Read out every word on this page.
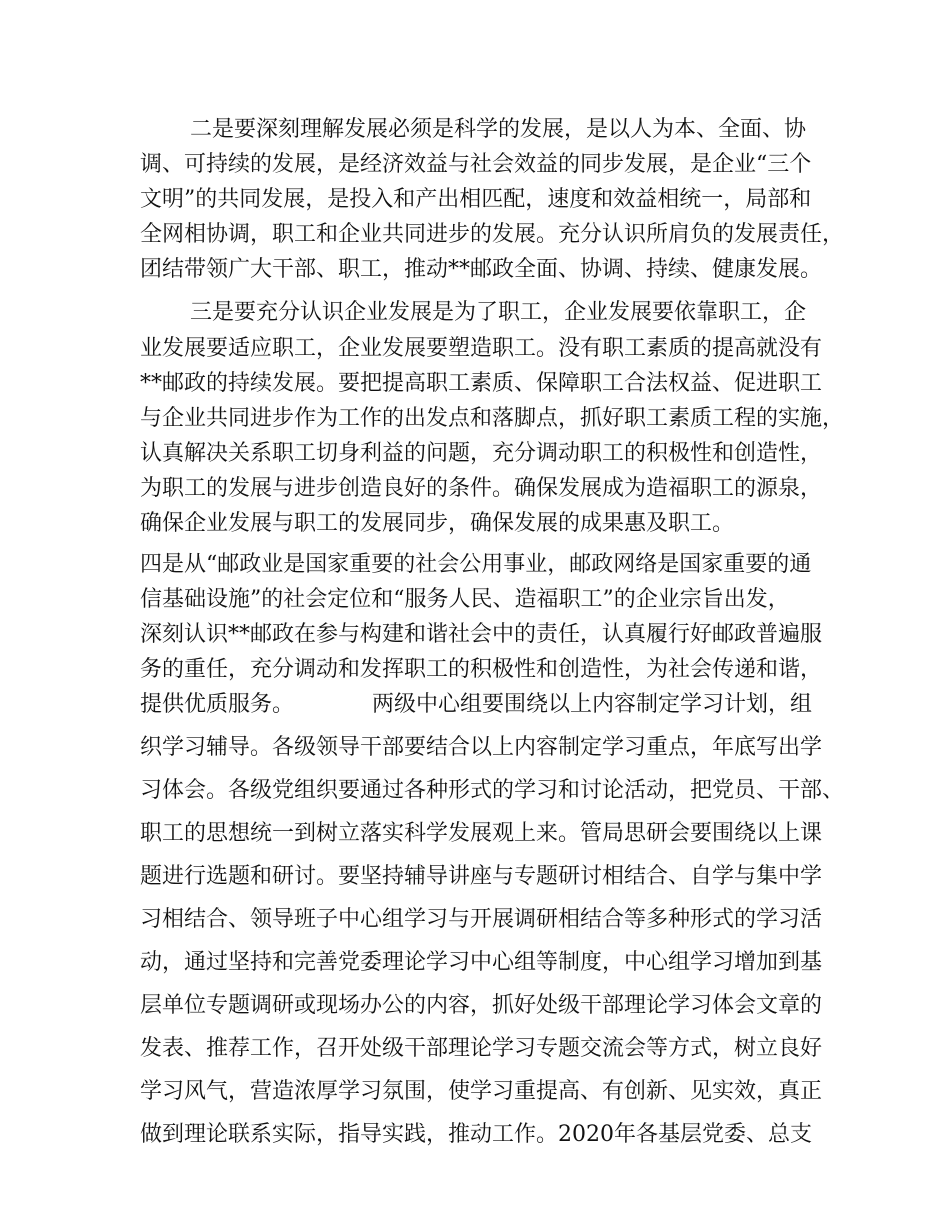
二是要深刻理解发展必须是科学的发展，是以人为本、全面、协
调、可持续的发展，是经济效益与社会效益的同步发展，是企业“三个
文明”的共同发展，是投入和产出相匹配，速度和效益相统一，局部和
全网相协调，职工和企业共同进步的发展。充分认识所肩负的发展责任，
团结带领广大干部、职工，推动**邮政全面、协调、持续、健康发展。
三是要充分认识企业发展是为了职工，企业发展要依靠职工，企
业发展要适应职工，企业发展要塑造职工。没有职工素质的提高就没有
**邮政的持续发展。要把提高职工素质、保障职工合法权益、促进职工
与企业共同进步作为工作的出发点和落脚点，抓好职工素质工程的实施，
认真解决关系职工切身利益的问题，充分调动职工的积极性和创造性，
为职工的发展与进步创造良好的条件。确保发展成为造福职工的源泉，
确保企业发展与职工的发展同步，确保发展的成果惠及职工。
四是从“邮政业是国家重要的社会公用事业，邮政网络是国家重要的通
信基础设施”的社会定位和“服务人民、造福职工”的企业宗旨出发，
深刻认识**邮政在参与构建和谐社会中的责任，认真履行好邮政普遍服
务的重任，充分调动和发挥职工的积极性和创造性，为社会传递和谐，
提供优质服务。	两级中心组要围绕以上内容制定学习计划，组
织学习辅导。各级领导干部要结合以上内容制定学习重点，年底写出学
习体会。各级党组织要通过各种形式的学习和讨论活动，把党员、干部、
职工的思想统一到树立落实科学发展观上来。管局思研会要围绕以上课
题进行选题和研讨。要坚持辅导讲座与专题研讨相结合、自学与集中学
习相结合、领导班子中心组学习与开展调研相结合等多种形式的学习活
动，通过坚持和完善党委理论学习中心组等制度，中心组学习增加到基
层单位专题调研或现场办公的内容，抓好处级干部理论学习体会文章的
发表、推荐工作，召开处级干部理论学习专题交流会等方式，树立良好
学习风气，营造浓厚学习氛围，使学习重提高、有创新、见实效，真正
做到理论联系实际，指导实践，推动工作。2020年各基层党委、总支
